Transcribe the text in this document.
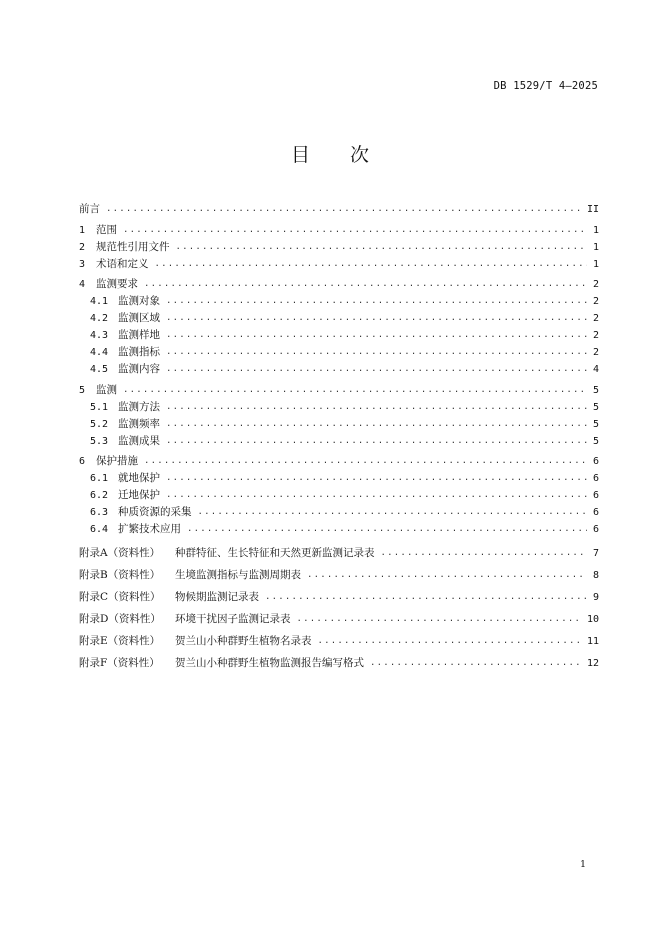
DB 1529/T 4—2025
目 次
前言 .....	II
1	范围 .....	1
2	规范性引用文件 .....	1
3	术语和定义 .....	1
4	监测要求 .....	2
4.1 监测对象 .....	2
4.2 监测区域 .....	2
4.3 监测样地 .....	2
4.4 监测指标 .....	2
4.5 监测内容 .....	4
5	监测 .....	5
5.1 监测方法 .....	5
5.2 监测频率 .....	5
5.3 监测成果 .....	5
6	保护措施 .....	6
6.1 就地保护 .....	6
6.2 迁地保护 .....	6
6.3 种质资源的采集 .....	6
6.4 扩繁技术应用 .....	6
附录A（资料性）	种群特征、生长特征和天然更新监测记录表 .....	7
附录B（资料性）	生境监测指标与监测周期表 .....	8
附录C（资料性）	物候期监测记录表 .....	9
附录D（资料性）	环境干扰因子监测记录表 .....	10
附录E（资料性）	贺兰山小种群野生植物名录表 .....	11
附录F（资料性）	贺兰山小种群野生植物监测报告编写格式 .....	12
1
